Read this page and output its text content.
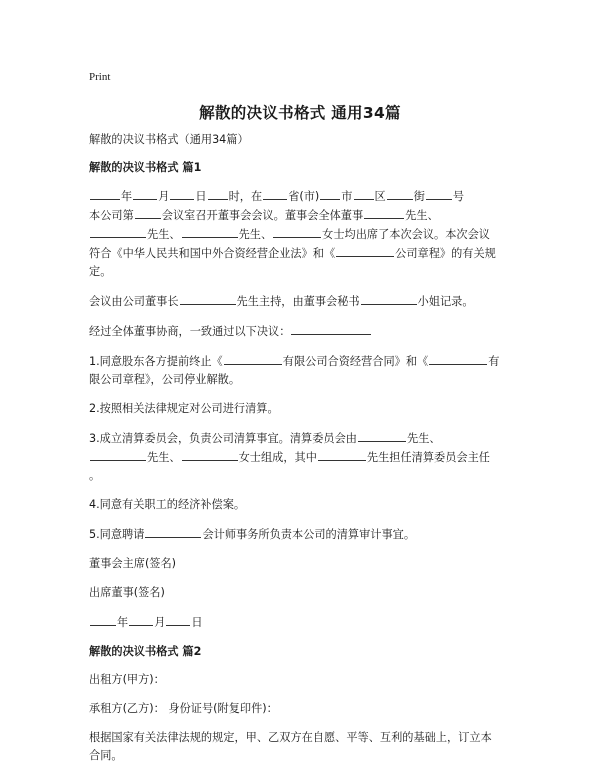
Print
解散的决议书格式 通用34篇

解散的决议书格式（通用34篇）

解散的决议书格式 篇1

年 月 日 时，在 省(市) 市 区	街	号
本公司第	会议室召开董事会会议。董事会全体董事	先生、
先生、	先生、	女士均出席了本次会议。本次会议
符合《中华人民共和国中外合资经营企业法》和《	公司章程》的有关规
定。

会议由公司董事长	先生主持，由董事会秘书	小姐记录。

经过全体董事协商，一致通过以下决议：

1.同意股东各方提前终止《	有限公司合资经营合同》和《	有
限公司章程》，公司停业解散。

2.按照相关法律规定对公司进行清算。

3.成立清算委员会，负责公司清算事宜。清算委员会由	先生、
先生、	女士组成，其中	先生担任清算委员会主任
。

4.同意有关职工的经济补偿案。

5.同意聘请	会计师事务所负责本公司的清算审计事宜。

董事会主席(签名)

出席董事(签名)

年 月 日

解散的决议书格式 篇2

出租方(甲方)：

承租方(乙方)： 身份证号(附复印件)：

根据国家有关法律法规的规定，甲、乙双方在自愿、平等、互利的基础上，订立本
合同。
